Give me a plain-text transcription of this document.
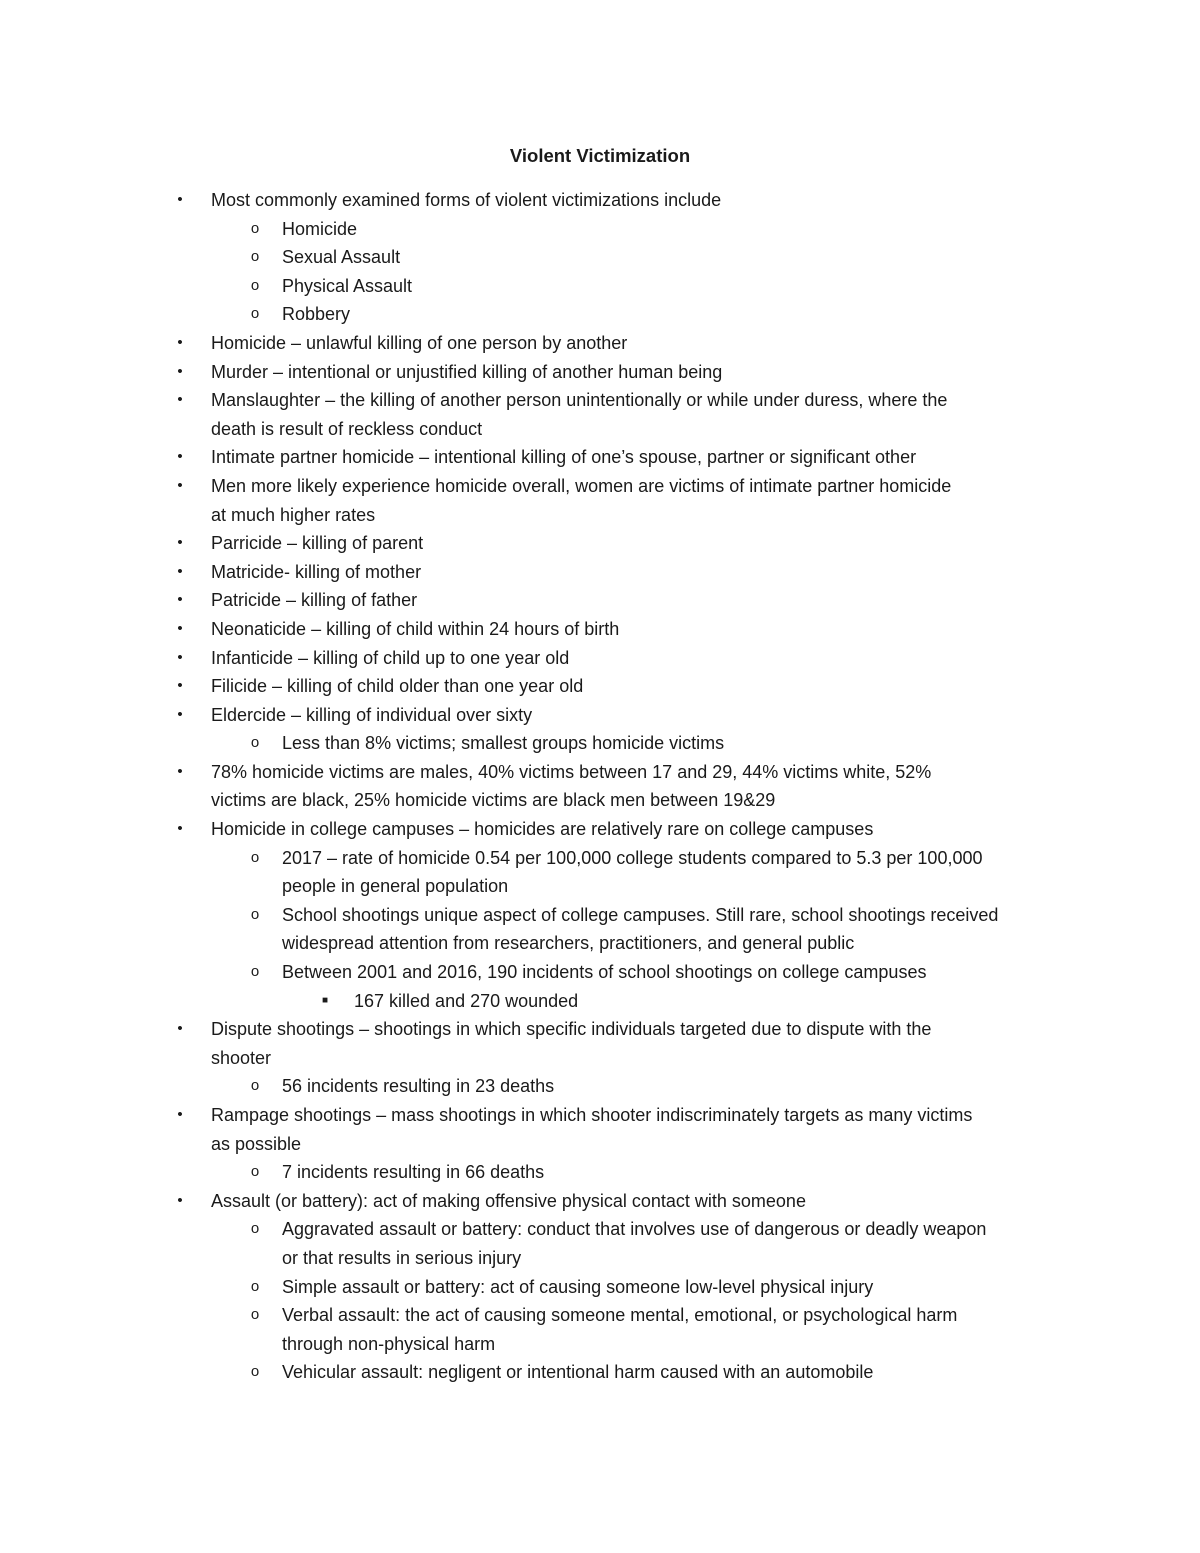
Violent Victimization
•	Most commonly examined forms of violent victimizations include
o	Homicide
o	Sexual Assault
o	Physical Assault
o	Robbery
•	Homicide – unlawful killing of one person by another
•	Murder – intentional or unjustified killing of another human being
•	Manslaughter – the killing of another person unintentionally or while under duress, where the
death is result of reckless conduct
•	Intimate partner homicide – intentional killing of one’s spouse, partner or significant other
•	Men more likely experience homicide overall, women are victims of intimate partner homicide
at much higher rates
•	Parricide – killing of parent
•	Matricide- killing of mother
•	Patricide – killing of father
•	Neonaticide – killing of child within 24 hours of birth
•	Infanticide – killing of child up to one year old
•	Filicide – killing of child older than one year old
•	Eldercide – killing of individual over sixty
o	Less than 8% victims; smallest groups homicide victims
•	78% homicide victims are males, 40% victims between 17 and 29, 44% victims white, 52%
victims are black, 25% homicide victims are black men between 19&29
•	Homicide in college campuses – homicides are relatively rare on college campuses
o	2017 – rate of homicide 0.54 per 100,000 college students compared to 5.3 per 100,000
people in general population
o	School shootings unique aspect of college campuses. Still rare, school shootings received
widespread attention from researchers, practitioners, and general public
o	Between 2001 and 2016, 190 incidents of school shootings on college campuses
■	167 killed and 270 wounded
•	Dispute shootings – shootings in which specific individuals targeted due to dispute with the
shooter
o	56 incidents resulting in 23 deaths
•	Rampage shootings – mass shootings in which shooter indiscriminately targets as many victims
as possible
o	7 incidents resulting in 66 deaths
•	Assault (or battery): act of making offensive physical contact with someone
o	Aggravated assault or battery: conduct that involves use of dangerous or deadly weapon
or that results in serious injury
o	Simple assault or battery: act of causing someone low-level physical injury
o	Verbal assault: the act of causing someone mental, emotional, or psychological harm
through non-physical harm
o	Vehicular assault: negligent or intentional harm caused with an automobile
